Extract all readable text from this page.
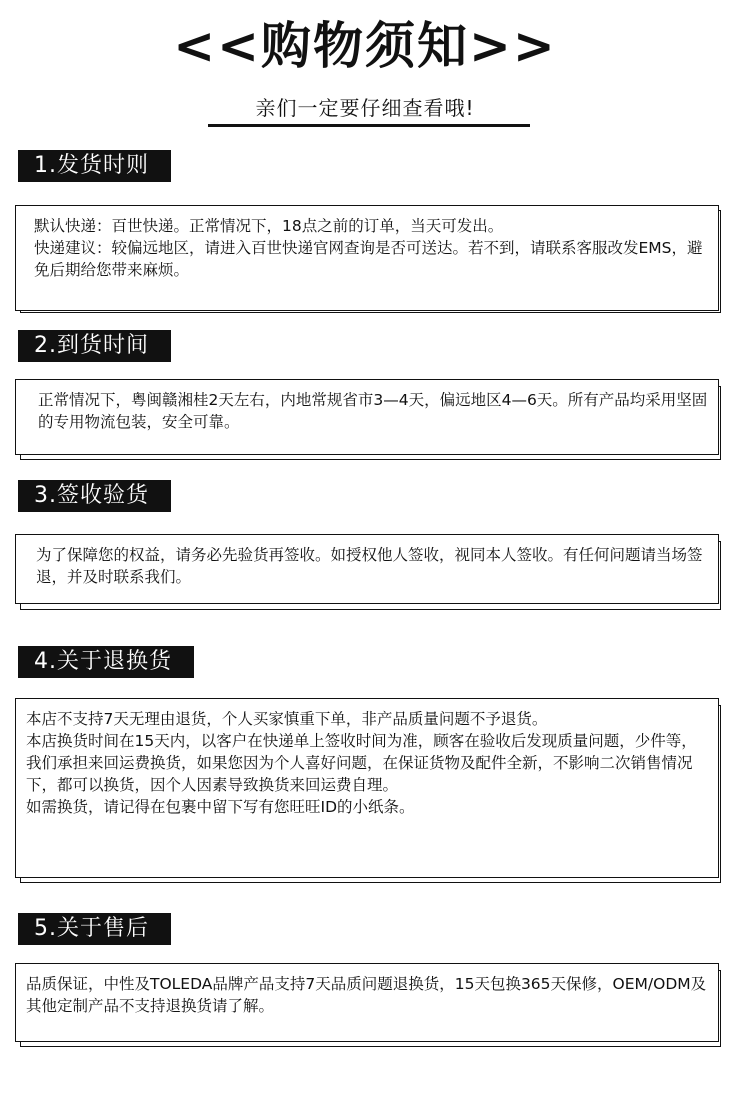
<<购物须知>>
亲们一定要仔细查看哦!
1.发货时则

默认快递：百世快递。正常情况下，18点之前的订单，当天可发出。

快递建议：较偏远地区，请进入百世快递官网查询是否可送达。若不到，请联系客服改发EMS，避免后期给您带来麻烦。

2.到货时间

正常情况下，粤闽赣湘桂2天左右，内地常规省市3—4天，偏远地区4—6天。所有产品均采用坚固的专用物流包装，安全可靠。

3.签收验货

为了保障您的权益，请务必先验货再签收。如授权他人签收，视同本人签收。有任何问题请当场签退，并及时联系我们。

4.关于退换货

本店不支持7天无理由退货，个人买家慎重下单，非产品质量问题不予退货。

本店换货时间在15天内，以客户在快递单上签收时间为准，顾客在验收后发现质量问题，少件等，我们承担来回运费换货，如果您因为个人喜好问题，在保证货物及配件全新，不影响二次销售情况下，都可以换货，因个人因素导致换货来回运费自理。

如需换货，请记得在包裹中留下写有您旺旺ID的小纸条。

5.关于售后

品质保证，中性及TOLEDA品牌产品支持7天品质问题退换货，15天包换365天保修，OEM/ODM及其他定制产品不支持退换货请了解。
